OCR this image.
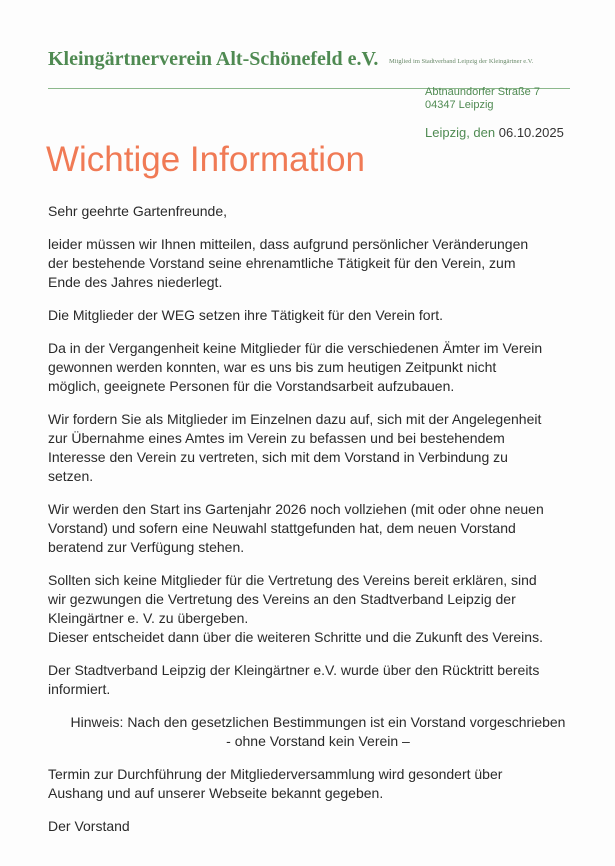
Kleingärtnerverein Alt-Schönefeld e.V. Mitglied im Stadtverband Leipzig der Kleingärtner e.V.
Abtnaundorfer Straße 7
04347 Leipzig
Leipzig, den 06.10.2025
Wichtige Information

Sehr geehrte Gartenfreunde,

leider müssen wir Ihnen mitteilen, dass aufgrund persönlicher Veränderungen
der bestehende Vorstand seine ehrenamtliche Tätigkeit für den Verein, zum
Ende des Jahres niederlegt.

Die Mitglieder der WEG setzen ihre Tätigkeit für den Verein fort.

Da in der Vergangenheit keine Mitglieder für die verschiedenen Ämter im Verein
gewonnen werden konnten, war es uns bis zum heutigen Zeitpunkt nicht
möglich, geeignete Personen für die Vorstandsarbeit aufzubauen.

Wir fordern Sie als Mitglieder im Einzelnen dazu auf, sich mit der Angelegenheit
zur Übernahme eines Amtes im Verein zu befassen und bei bestehendem
Interesse den Verein zu vertreten, sich mit dem Vorstand in Verbindung zu
setzen.

Wir werden den Start ins Gartenjahr 2026 noch vollziehen (mit oder ohne neuen
Vorstand) und sofern eine Neuwahl stattgefunden hat, dem neuen Vorstand
beratend zur Verfügung stehen.

Sollten sich keine Mitglieder für die Vertretung des Vereins bereit erklären, sind
wir gezwungen die Vertretung des Vereins an den Stadtverband Leipzig der
Kleingärtner e. V. zu übergeben.
Dieser entscheidet dann über die weiteren Schritte und die Zukunft des Vereins.

Der Stadtverband Leipzig der Kleingärtner e.V. wurde über den Rücktritt bereits
informiert.

Hinweis: Nach den gesetzlichen Bestimmungen ist ein Vorstand vorgeschrieben
- ohne Vorstand kein Verein –

Termin zur Durchführung der Mitgliederversammlung wird gesondert über
Aushang und auf unserer Webseite bekannt gegeben.

Der Vorstand
